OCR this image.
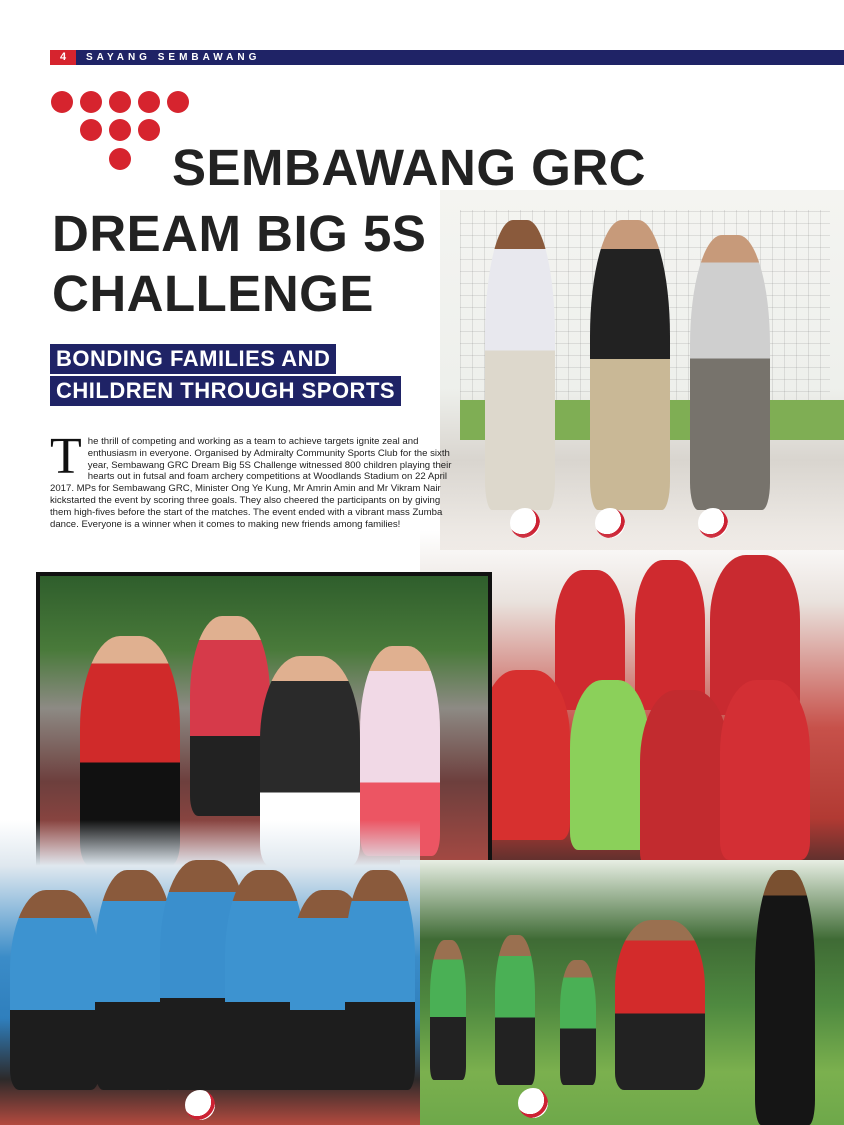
4	SAYANG SEMBAWANG
SEMBAWANG GRC
DREAM BIG 5S
CHALLENGE
BONDING FAMILIES AND
CHILDREN THROUGH SPORTS
T he thrill of competing and working as a team to achieve targets ignite zeal and enthusiasm in everyone. Organised by Admiralty Community Sports Club for the sixth year, Sembawang GRC Dream Big 5S Challenge witnessed 800 children playing their hearts out in futsal and foam archery competitions at Woodlands Stadium on 22 April 2017. MPs for Sembawang GRC, Minister Ong Ye Kung, Mr Amrin Amin and Mr Vikram Nair kickstarted the event by scoring three goals. They also cheered the participants on by giving them high-fives before the start of the matches. The event ended with a vibrant mass Zumba dance. Everyone is a winner when it comes to making new friends among families!
